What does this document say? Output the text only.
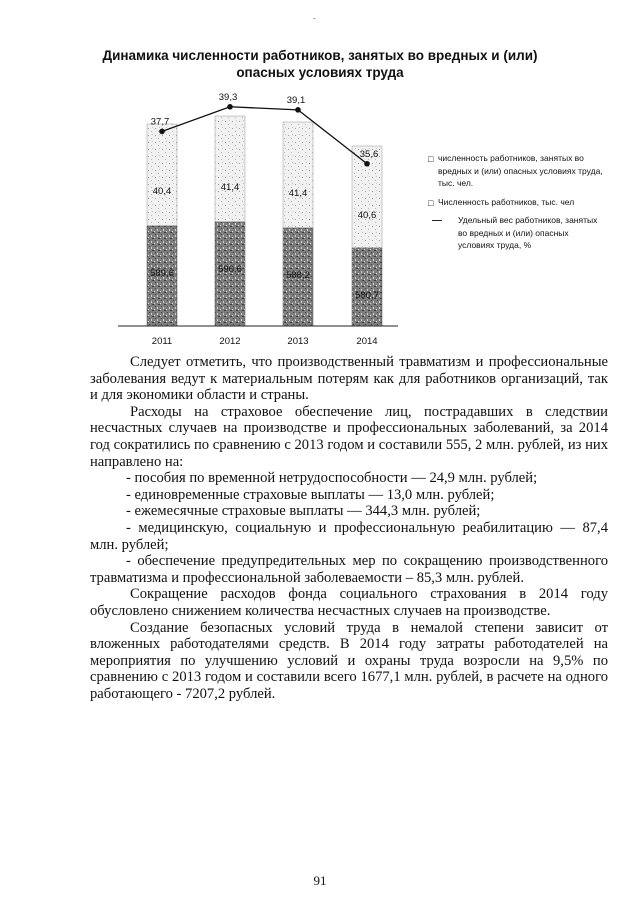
-
Динамика численности работников, занятых во вредных и (или) опасных условиях труда
589,6
40,4
590,6
41,4
588,2
41,4
580,7
40,6
37,7
39,3	39,1
35,6
2011	2012	2013	2014
□ численность работников, занятых во вредных и (или) опасных условиях труда, тыс. чел.
□ Численность работников, тыс. чел
Удельный вес работников, занятых во вредных и (или) опасных условиях труда, %

Следует отметить, что производственный травматизм и профессиональные заболевания ведут к материальным потерям как для работников организаций, так и для экономики области и страны.

Расходы на страховое обеспечение лиц, пострадавших в следствии несчастных случаев на производстве и профессиональных заболеваний, за 2014 год сократились по сравнению с 2013 годом и составили 555, 2 млн. рублей, из них направлено на:

- пособия по временной нетрудоспособности — 24,9 млн. рублей;

- единовременные страховые выплаты — 13,0 млн. рублей;

- ежемесячные страховые выплаты — 344,3 млн. рублей;

- медицинскую, социальную и профессиональную реабилитацию — 87,4 млн. рублей;

- обеспечение предупредительных мер по сокращению производственного травматизма и профессиональной заболеваемости – 85,3 млн. рублей.

Сокращение расходов фонда социального страхования в 2014 году обусловлено снижением количества несчастных случаев на производстве.

Создание безопасных условий труда в немалой степени зависит от вложенных работодателями средств. В 2014 году затраты работодателей на мероприятия по улучшению условий и охраны труда возросли на 9,5% по сравнению с 2013 годом и составили всего 1677,1 млн. рублей, в расчете на одного работающего - 7207,2 рублей.

91
